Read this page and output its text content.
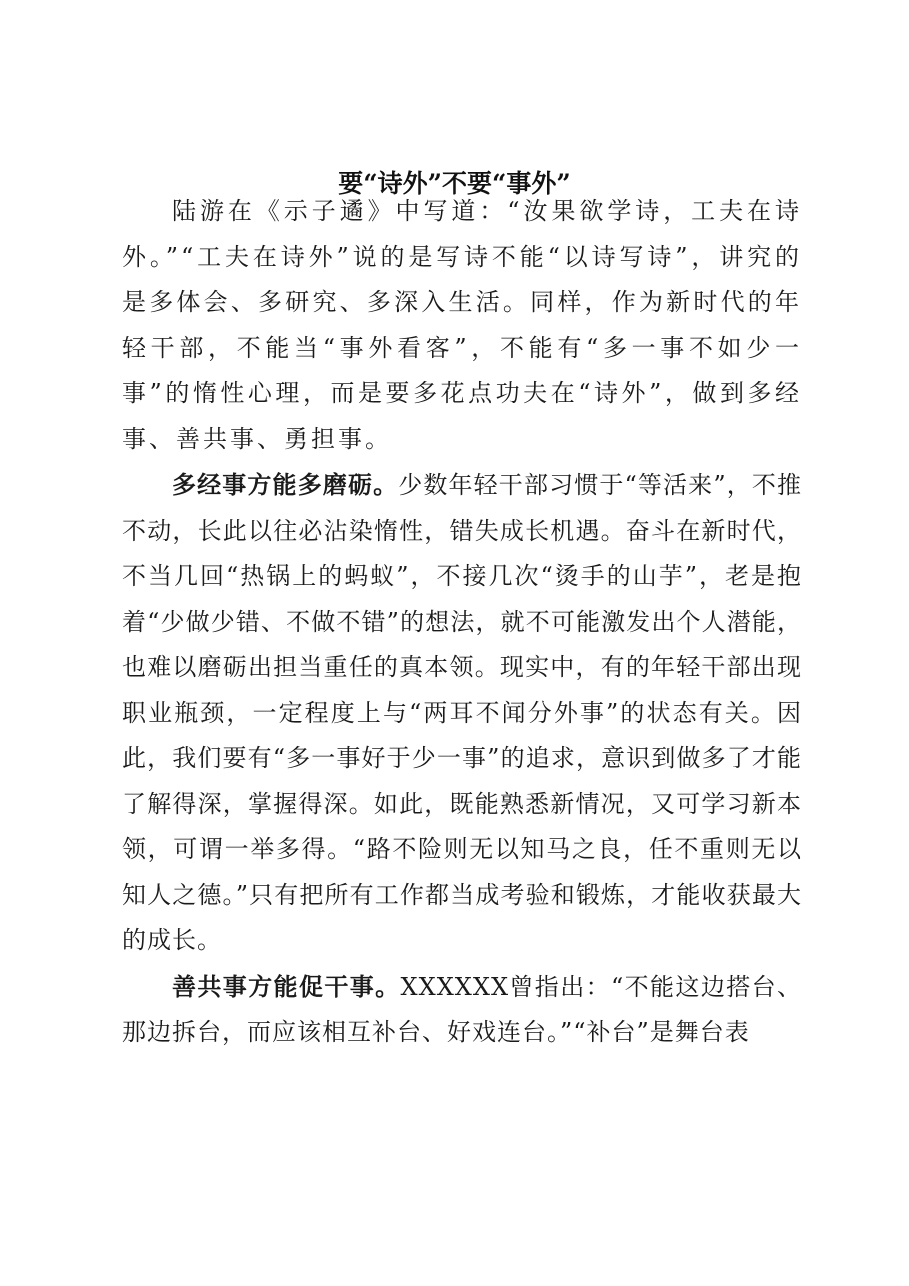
要“诗外”不要“事外”

陆游在《示子遹》中写道：“汝果欲学诗，工夫在诗外。”“工夫在诗外”说的是写诗不能“以诗写诗”，讲究的是多体会、多研究、多深入生活。同样，作为新时代的年轻干部，不能当“事外看客”，不能有“多一事不如少一事”的惰性心理，而是要多花点功夫在“诗外”，做到多经事、善共事、勇担事。

多经事方能多磨砺。少数年轻干部习惯于“等活来”，不推不动，长此以往必沾染惰性，错失成长机遇。奋斗在新时代，不当几回“热锅上的蚂蚁”，不接几次“烫手的山芋”，老是抱着“少做少错、不做不错”的想法，就不可能激发出个人潜能，也难以磨砺出担当重任的真本领。现实中，有的年轻干部出现职业瓶颈，一定程度上与“两耳不闻分外事”的状态有关。因此，我们要有“多一事好于少一事”的追求，意识到做多了才能了解得深，掌握得深。如此，既能熟悉新情况，又可学习新本领，可谓一举多得。“路不险则无以知马之良，任不重则无以知人之德。”只有把所有工作都当成考验和锻炼，才能收获最大的成长。

善共事方能促干事。XXXXXX曾指出：“不能这边搭台、那边拆台，而应该相互补台、好戏连台。”“补台”是舞台表
